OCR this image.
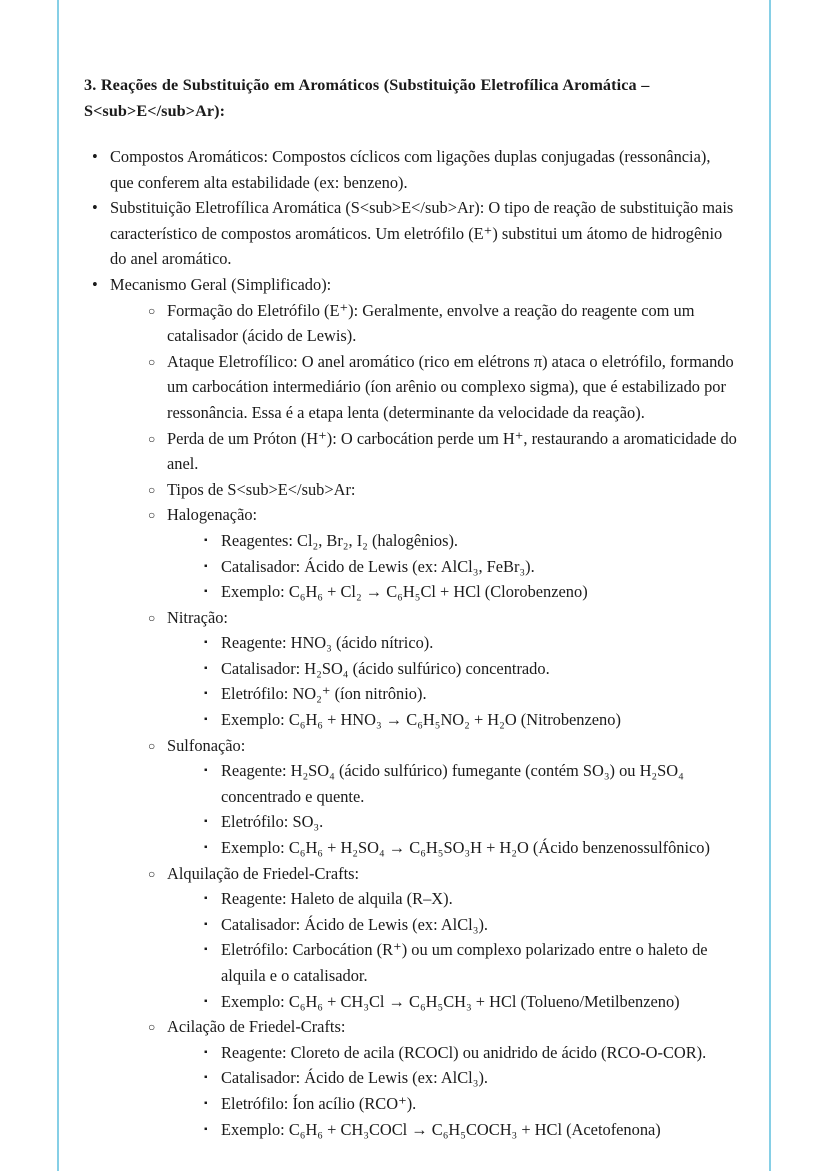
3. Reações de Substituição em Aromáticos (Substituição Eletrofílica Aromática – S<sub>E</sub>Ar):
• Compostos Aromáticos: Compostos cíclicos com ligações duplas conjugadas (ressonância), que conferem alta estabilidade (ex: benzeno).
• Substituição Eletrofílica Aromática (S<sub>E</sub>Ar): O tipo de reação de substituição mais característico de compostos aromáticos. Um eletrófilo (E⁺) substitui um átomo de hidrogênio do anel aromático.
• Mecanismo Geral (Simplificado):
○ Formação do Eletrófilo (E⁺): Geralmente, envolve a reação do reagente com um catalisador (ácido de Lewis).
○ Ataque Eletrofílico: O anel aromático (rico em elétrons π) ataca o eletrófilo, formando um carbocátion intermediário (íon arênio ou complexo sigma), que é estabilizado por ressonância. Essa é a etapa lenta (determinante da velocidade da reação).
○ Perda de um Próton (H⁺): O carbocátion perde um H⁺, restaurando a aromaticidade do anel.
○ Tipos de S<sub>E</sub>Ar:
○ Halogenação:
▪ Reagentes: Cl₂, Br₂, I₂ (halogênios).
▪ Catalisador: Ácido de Lewis (ex: AlCl₃, FeBr₃).
▪ Exemplo: C₆H₆ + Cl₂ → C₆H₅Cl + HCl (Clorobenzeno)
○ Nitração:
▪ Reagente: HNO₃ (ácido nítrico).
▪ Catalisador: H₂SO₄ (ácido sulfúrico) concentrado.
▪ Eletrófilo: NO₂⁺ (íon nitrônio).
▪ Exemplo: C₆H₆ + HNO₃ → C₆H₅NO₂ + H₂O (Nitrobenzeno)
○ Sulfonação:
▪ Reagente: H₂SO₄ (ácido sulfúrico) fumegante (contém SO₃) ou H₂SO₄ concentrado e quente.
▪ Eletrófilo: SO₃.
▪ Exemplo: C₆H₆ + H₂SO₄ → C₆H₅SO₃H + H₂O (Ácido benzenossulfônico)
○ Alquilação de Friedel-Crafts:
▪ Reagente: Haleto de alquila (R–X).
▪ Catalisador: Ácido de Lewis (ex: AlCl₃).
▪ Eletrófilo: Carbocátion (R⁺) ou um complexo polarizado entre o haleto de alquila e o catalisador.
▪ Exemplo: C₆H₆ + CH₃Cl → C₆H₅CH₃ + HCl (Tolueno/Metilbenzeno)
○ Acilação de Friedel-Crafts:
▪ Reagente: Cloreto de acila (RCOCl) ou anidrido de ácido (RCO-O-COR).
▪ Catalisador: Ácido de Lewis (ex: AlCl₃).
▪ Eletrófilo: Íon acílio (RCO⁺).
▪ Exemplo: C₆H₆ + CH₃COCl → C₆H₅COCH₃ + HCl (Acetofenona)
